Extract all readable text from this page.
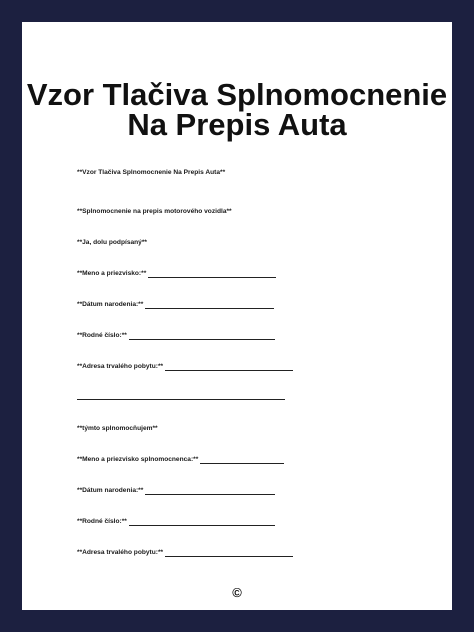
Vzor Tlačiva Splnomocnenie
Na Prepis Auta
**Vzor Tlačiva Splnomocnenie Na Prepis Auta**
**Splnomocnenie na prepis motorového vozidla**
**Ja, dolu podpísaný**
**Meno a priezvisko:**
**Dátum narodenia:**
**Rodné číslo:**
**Adresa trvalého pobytu:**
**týmto splnomocňujem**
**Meno a priezvisko splnomocnenca:**
**Dátum narodenia:**
**Rodné číslo:**
**Adresa trvalého pobytu:**
©
